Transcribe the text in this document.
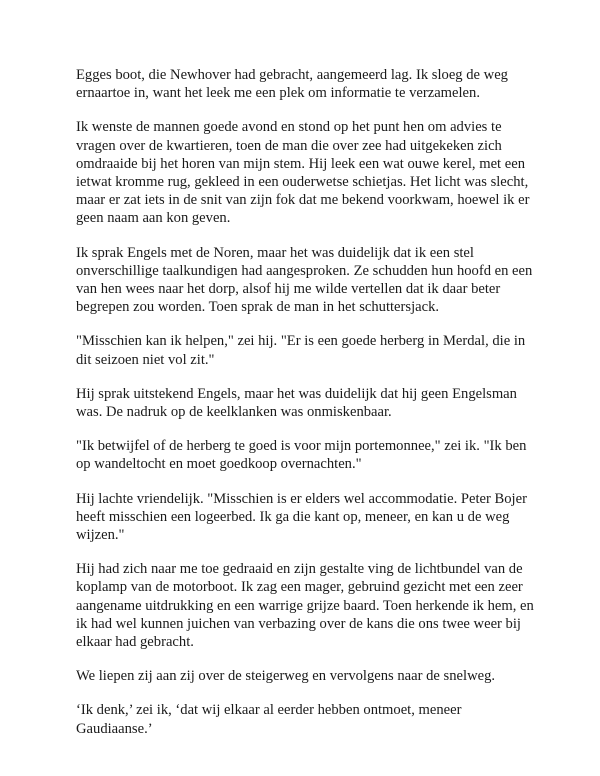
Egges boot, die Newhover had gebracht, aangemeerd lag. Ik sloeg de weg ernaartoe in, want het leek me een plek om informatie te verzamelen.

Ik wenste de mannen goede avond en stond op het punt hen om advies te vragen over de kwartieren, toen de man die over zee had uitgekeken zich omdraaide bij het horen van mijn stem. Hij leek een wat ouwe kerel, met een ietwat kromme rug, gekleed in een ouderwetse schietjas. Het licht was slecht, maar er zat iets in de snit van zijn fok dat me bekend voorkwam, hoewel ik er geen naam aan kon geven.

Ik sprak Engels met de Noren, maar het was duidelijk dat ik een stel onverschillige taalkundigen had aangesproken. Ze schudden hun hoofd en een van hen wees naar het dorp, alsof hij me wilde vertellen dat ik daar beter begrepen zou worden. Toen sprak de man in het schuttersjack.

"Misschien kan ik helpen," zei hij. "Er is een goede herberg in Merdal, die in dit seizoen niet vol zit."

Hij sprak uitstekend Engels, maar het was duidelijk dat hij geen Engelsman was. De nadruk op de keelklanken was onmiskenbaar.

"Ik betwijfel of de herberg te goed is voor mijn portemonnee," zei ik. "Ik ben op wandeltocht en moet goedkoop overnachten."

Hij lachte vriendelijk. "Misschien is er elders wel accommodatie. Peter Bojer heeft misschien een logeerbed. Ik ga die kant op, meneer, en kan u de weg wijzen."

Hij had zich naar me toe gedraaid en zijn gestalte ving de lichtbundel van de koplamp van de motorboot. Ik zag een mager, gebruind gezicht met een zeer aangename uitdrukking en een warrige grijze baard. Toen herkende ik hem, en ik had wel kunnen juichen van verbazing over de kans die ons twee weer bij elkaar had gebracht.

We liepen zij aan zij over de steigerweg en vervolgens naar de snelweg.

‘Ik denk,’ zei ik, ‘dat wij elkaar al eerder hebben ontmoet, meneer Gaudiaanse.’
